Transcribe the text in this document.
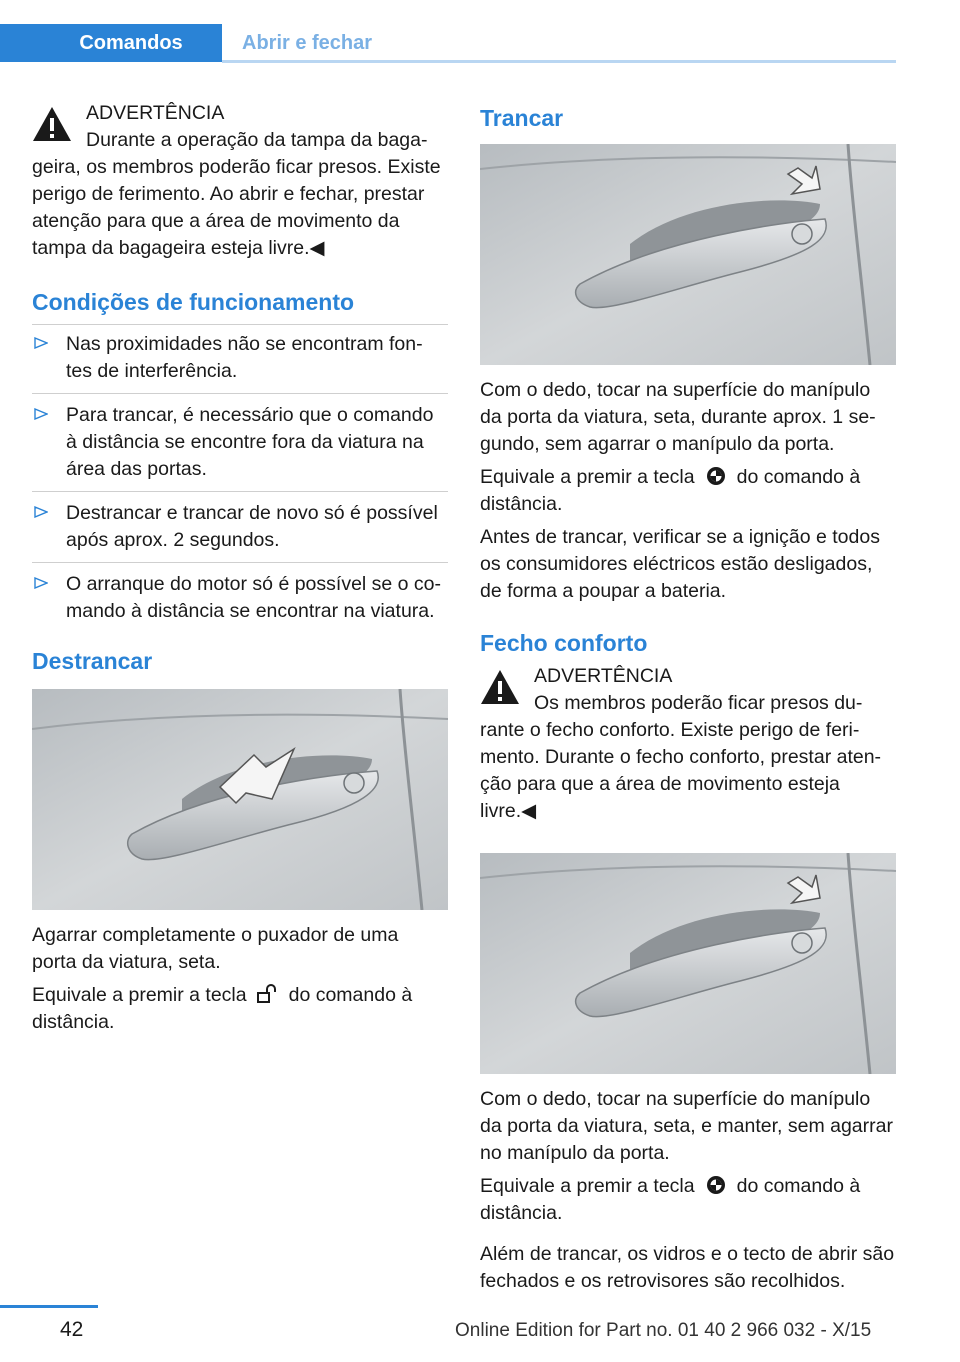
Comandos	Abrir e fechar

ADVERTÊNCIA

Durante a operação da tampa da baga‐

geira, os membros poderão ficar presos. Existe perigo de ferimento. Ao abrir e fechar, prestar atenção para que a área de movimento da tampa da bagageira esteja livre.◀

Condições de funcionamento
Nas proximidades não se encontram fon‐ tes de interferência.
Para trancar, é necessário que o comando à distância se encontre fora da viatura na área das portas.
Destrancar e trancar de novo só é possível após aprox. 2 segundos.
O arranque do motor só é possível se o co‐ mando à distância se encontrar na viatura.
Destrancar

Agarrar completamente o puxador de uma porta da viatura, seta.

Equivale a premir a tecla do comando à distância.

Trancar

Com o dedo, tocar na superfície do manípulo da porta da viatura, seta, durante aprox. 1 se‐ gundo, sem agarrar o manípulo da porta.

Equivale a premir a tecla do comando à distância.

Antes de trancar, verificar se a ignição e todos os consumidores eléctricos estão desligados, de forma a poupar a bateria.

Fecho conforto

ADVERTÊNCIA

Os membros poderão ficar presos du‐

rante o fecho conforto. Existe perigo de feri‐ mento. Durante o fecho conforto, prestar aten‐ ção para que a área de movimento esteja livre.◀

Com o dedo, tocar na superfície do manípulo da porta da viatura, seta, e manter, sem agarrar no manípulo da porta.

Equivale a premir a tecla do comando à distância.

Além de trancar, os vidros e o tecto de abrir são fechados e os retrovisores são recolhidos.

42	Online Edition for Part no. 01 40 2 966 032 - X/15
